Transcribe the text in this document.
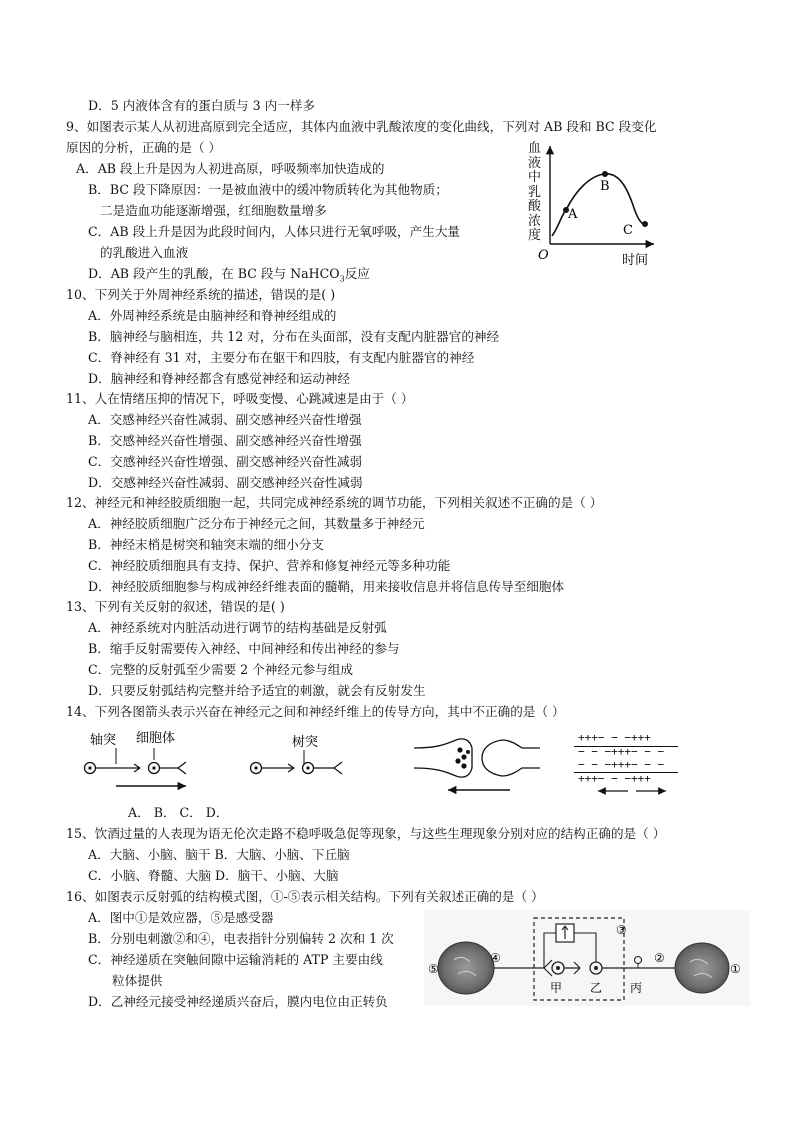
D．5 内液体含有的蛋白质与 3 内一样多
9、如图表示某人从初进高原到完全适应，其体内血液中乳酸浓度的变化曲线，下列对 AB 段和 BC 段变化
原因的分析，正确的是（ ）
A．AB 段上升是因为人初进高原，呼吸频率加快造成的
B．BC 段下降原因：一是被血液中的缓冲物质转化为其他物质；
二是造血功能逐渐增强，红细胞数量增多
C．AB 段上升是因为此段时间内，人体只进行无氧呼吸，产生大量
的乳酸进入血液
D．AB 段产生的乳酸，在 BC 段与 NaHCO$_3$反应
A
B
C
O	时间
血液中乳酸浓度
10、下列关于外周神经系统的描述，错误的是( )
A．外周神经系统是由脑神经和脊神经组成的
B．脑神经与脑相连，共 12 对，分布在头面部，没有支配内脏器官的神经
C．脊神经有 31 对，主要分布在躯干和四肢，有支配内脏器官的神经
D．脑神经和脊神经都含有感觉神经和运动神经
11、人在情绪压抑的情况下，呼吸变慢、心跳减速是由于（ ）
A．交感神经兴奋性减弱、副交感神经兴奋性增强
B．交感神经兴奋性增强、副交感神经兴奋性增强
C．交感神经兴奋性增强、副交感神经兴奋性减弱
D．交感神经兴奋性减弱、副交感神经兴奋性减弱
12、神经元和神经胶质细胞一起，共同完成神经系统的调节功能，下列相关叙述不正确的是（ ）
A．神经胶质细胞广泛分布于神经元之间，其数量多于神经元
B．神经末梢是树突和轴突末端的细小分支
C．神经胶质细胞具有支持、保护、营养和修复神经元等多种功能
D．神经胶质细胞参与构成神经纤维表面的髓鞘，用来接收信息并将信息传导至细胞体
13、下列有关反射的叙述，错误的是( )
A．神经系统对内脏活动进行调节的结构基础是反射弧
B．缩手反射需要传入神经、中间神经和传出神经的参与
C．完整的反射弧至少需要 2 个神经元参与组成
D．只要反射弧结构完整并给予适宜的刺激，就会有反射发生
14、下列各图箭头表示兴奋在神经元之间和神经纤维上的传导方向，其中不正确的是（ ）
轴突 细胞体	树突	+++− − −+++
− − −+++− − −
− − −+++− − −
+++− − −+++
A． B． C． D．
15、饮酒过量的人表现为语无伦次走路不稳呼吸急促等现象，与这些生理现象分别对应的结构正确的是（ ）
A．大脑、小脑、脑干 B．大脑、小脑、下丘脑
C．小脑、脊髓、大脑 D．脑干、小脑、大脑
16、如图表示反射弧的结构模式图，①-⑤表示相关结构。下列有关叙述正确的是（ ）
A．图中①是效应器，⑤是感受器
B．分别电刺激②和④，电表指针分别偏转 2 次和 1 次
C．神经递质在突触间隙中运输消耗的 ATP 主要由线
粒体提供
D．乙神经元接受神经递质兴奋后，膜内电位由正转负
⑤
④
③
②
①
甲 乙 丙
